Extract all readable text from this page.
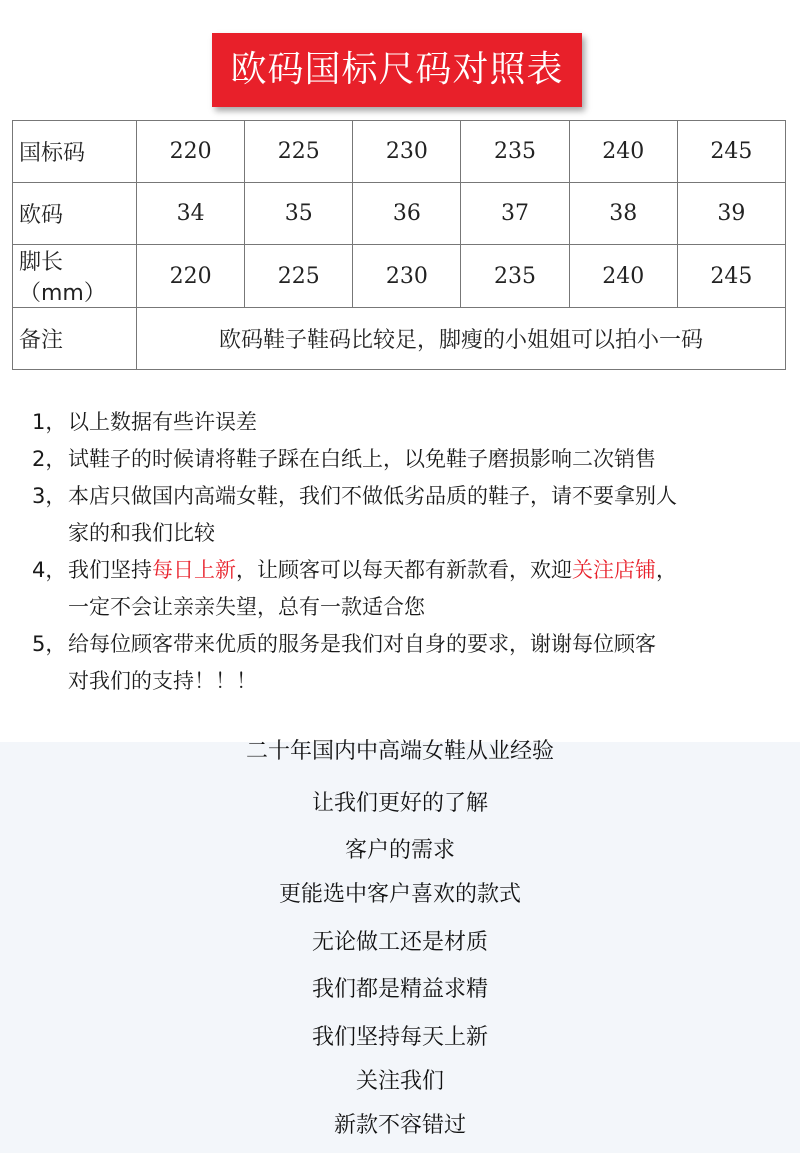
欧码国标尺码对照表
国标码	220	225	230	235	240	245
欧码	34	35	36	37	38	39
脚长（mm）	220	225	230	235	240	245
备注	欧码鞋子鞋码比较足，脚瘦的小姐姐可以拍小一码					
1， 以上数据有些许误差
2， 试鞋子的时候请将鞋子踩在白纸上，以免鞋子磨损影响二次销售
3， 本店只做国内高端女鞋，我们不做低劣品质的鞋子，请不要拿别人
家的和我们比较
4， 我们坚持每日上新，让顾客可以每天都有新款看，欢迎关注店铺，
一定不会让亲亲失望，总有一款适合您
5， 给每位顾客带来优质的服务是我们对自身的要求，谢谢每位顾客
对我们的支持！！！
二十年国内中高端女鞋从业经验
让我们更好的了解
客户的需求
更能选中客户喜欢的款式
无论做工还是材质
我们都是精益求精
我们坚持每天上新
关注我们
新款不容错过
